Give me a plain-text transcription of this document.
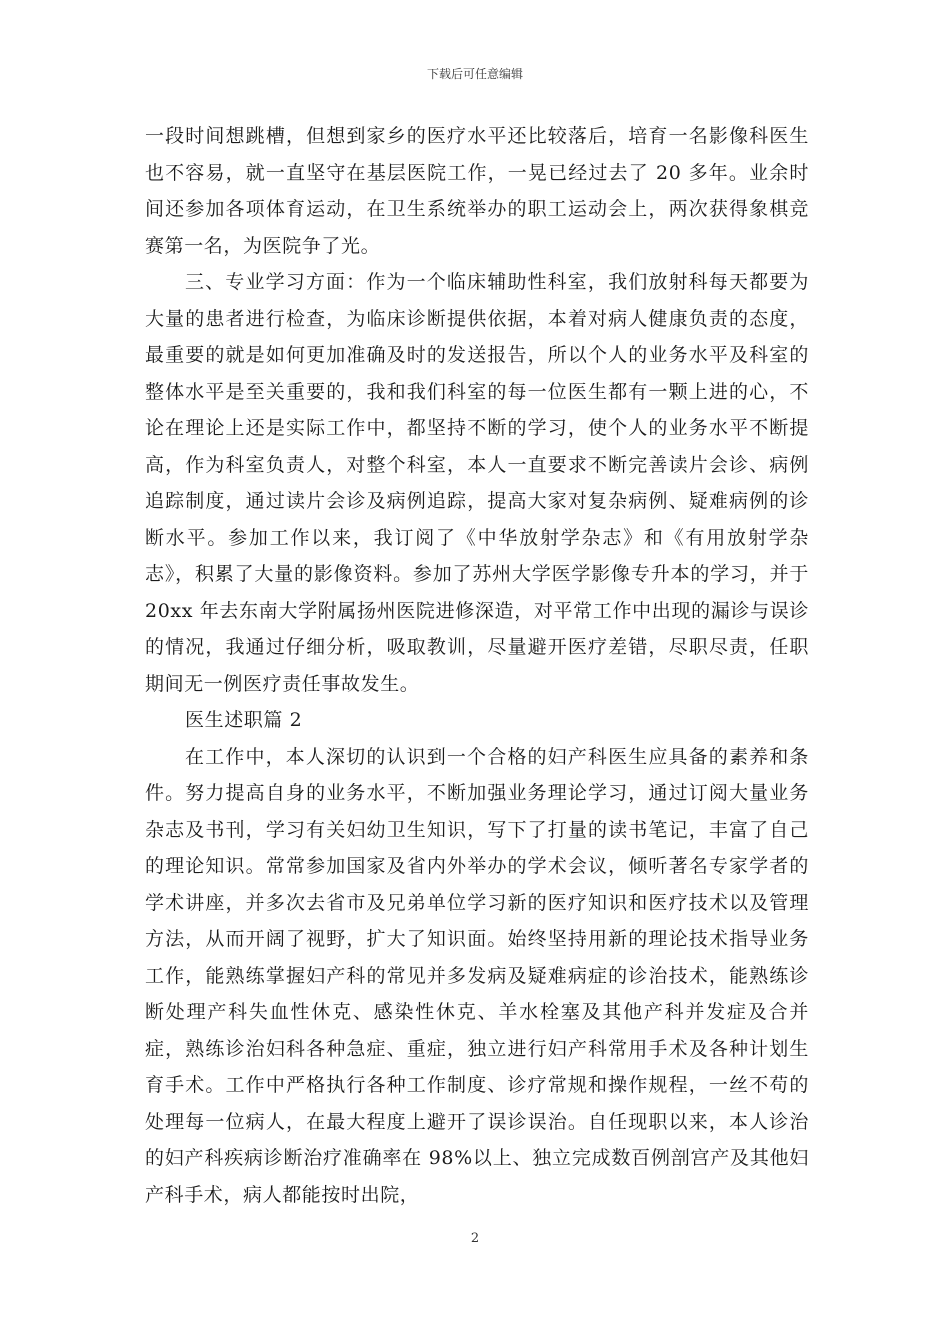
下载后可任意编辑

一段时间想跳槽，但想到家乡的医疗水平还比较落后，培育一名影像科医生也不容易，就一直坚守在基层医院工作，一晃已经过去了 20 多年。业余时间还参加各项体育运动，在卫生系统举办的职工运动会上，两次获得象棋竞赛第一名，为医院争了光。

三、专业学习方面：作为一个临床辅助性科室，我们放射科每天都要为大量的患者进行检查，为临床诊断提供依据，本着对病人健康负责的态度，最重要的就是如何更加准确及时的发送报告，所以个人的业务水平及科室的整体水平是至关重要的，我和我们科室的每一位医生都有一颗上进的心，不论在理论上还是实际工作中，都坚持不断的学习，使个人的业务水平不断提高，作为科室负责人，对整个科室，本人一直要求不断完善读片会诊、病例追踪制度，通过读片会诊及病例追踪，提高大家对复杂病例、疑难病例的诊断水平。参加工作以来，我订阅了《中华放射学杂志》和《有用放射学杂志》，积累了大量的影像资料。参加了苏州大学医学影像专升本的学习，并于 20xx 年去东南大学附属扬州医院进修深造，对平常工作中出现的漏诊与误诊的情况，我通过仔细分析，吸取教训，尽量避开医疗差错，尽职尽责，任职期间无一例医疗责任事故发生。

医生述职篇 2

在工作中，本人深切的认识到一个合格的妇产科医生应具备的素养和条件。努力提高自身的业务水平，不断加强业务理论学习，通过订阅大量业务杂志及书刊，学习有关妇幼卫生知识，写下了打量的读书笔记，丰富了自己的理论知识。常常参加国家及省内外举办的学术会议，倾听著名专家学者的学术讲座，并多次去省市及兄弟单位学习新的医疗知识和医疗技术以及管理方法，从而开阔了视野，扩大了知识面。始终坚持用新的理论技术指导业务工作，能熟练掌握妇产科的常见并多发病及疑难病症的诊治技术，能熟练诊断处理产科失血性休克、感染性休克、羊水栓塞及其他产科并发症及合并症，熟练诊治妇科各种急症、重症，独立进行妇产科常用手术及各种计划生育手术。工作中严格执行各种工作制度、诊疗常规和操作规程，一丝不苟的处理每一位病人，在最大程度上避开了误诊误治。自任现职以来，本人诊治的妇产科疾病诊断治疗准确率在 98%以上、独立完成数百例剖宫产及其他妇产科手术，病人都能按时出院，

2
